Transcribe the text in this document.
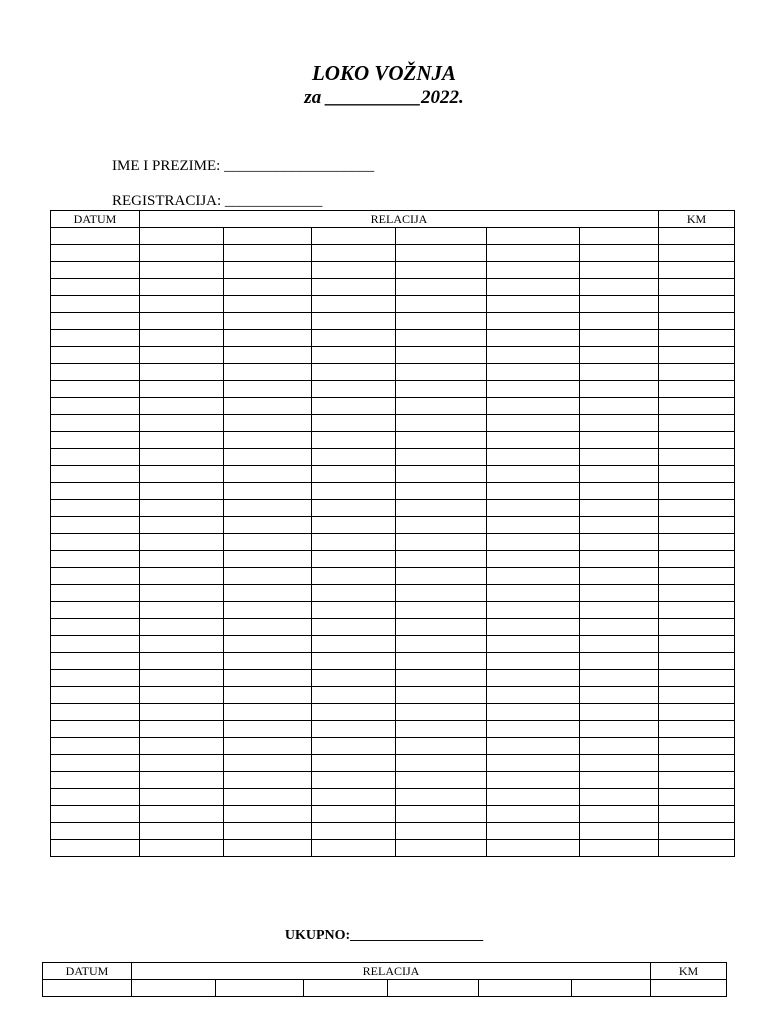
LOKO VOŽNJA
za __________2022.
IME I PREZIME: ____________________
REGISTRACIJA: _____________
DATUM	RELACIJA						KM

UKUPNO:___________________
DATUM	RELACIJA						KM
